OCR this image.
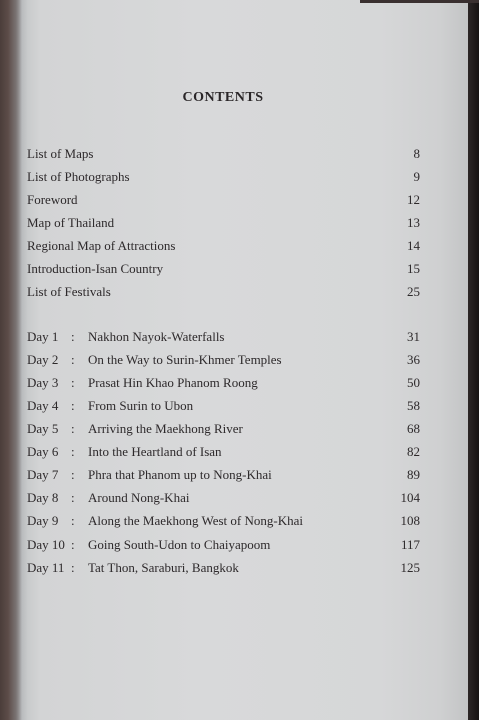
CONTENTS
List of Maps	8
List of Photographs	9
Foreword	12
Map of Thailand	13
Regional Map of Attractions	14
Introduction-Isan Country	15
List of Festivals	25
Day 1 : Nakhon Nayok-Waterfalls	31
Day 2 : On the Way to Surin-Khmer Temples	36
Day 3 : Prasat Hin Khao Phanom Roong	50
Day 4 : From Surin to Ubon	58
Day 5 : Arriving the Maekhong River	68
Day 6 : Into the Heartland of Isan	82
Day 7 : Phra that Phanom up to Nong-Khai	89
Day 8 : Around Nong-Khai	104
Day 9 : Along the Maekhong West of Nong-Khai	108
Day 10 : Going South-Udon to Chaiyapoom	117
Day 11 : Tat Thon, Saraburi, Bangkok	125
